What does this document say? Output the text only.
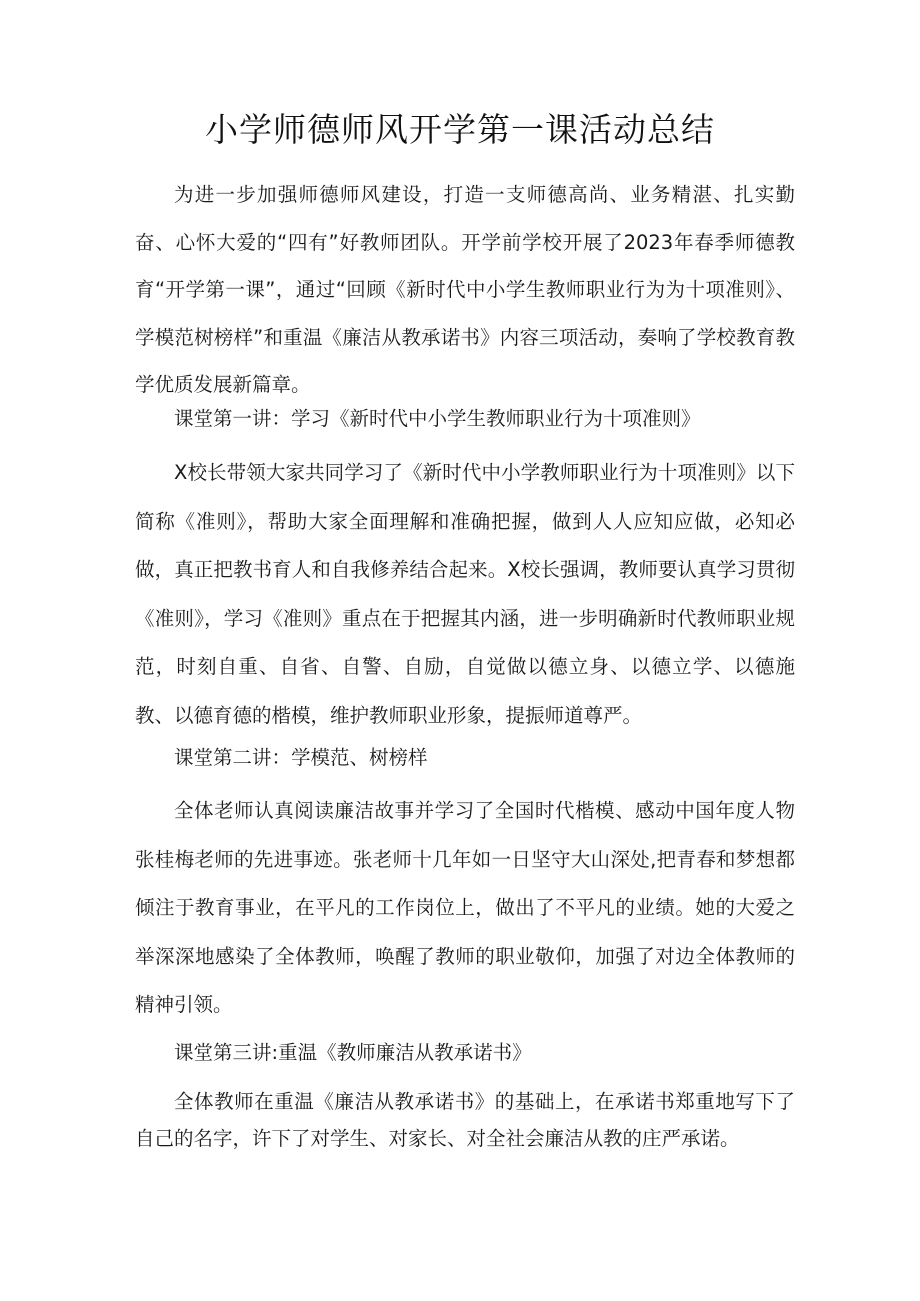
小学师德师风开学第一课活动总结

为进一步加强师德师风建设，打造一支师德高尚、业务精湛、扎实勤奋、心怀大爱的“四有”好教师团队。开学前学校开展了2023年春季师德教育“开学第一课”，通过“回顾《新时代中小学生教师职业行为为十项准则》、学模范树榜样”和重温《廉洁从教承诺书》内容三项活动，奏响了学校教育教学优质发展新篇章。

课堂第一讲：学习《新时代中小学生教师职业行为十项准则》

X校长带领大家共同学习了《新时代中小学教师职业行为十项准则》以下简称《准则》，帮助大家全面理解和准确把握，做到人人应知应做，必知必做，真正把教书育人和自我修养结合起来。X校长强调，教师要认真学习贯彻《准则》，学习《准则》重点在于把握其内涵，进一步明确新时代教师职业规范，时刻自重、自省、自警、自励，自觉做以德立身、以德立学、以德施教、以德育德的楷模，维护教师职业形象，提振师道尊严。

课堂第二讲：学模范、树榜样

全体老师认真阅读廉洁故事并学习了全国时代楷模、感动中国年度人物张桂梅老师的先进事迹。张老师十几年如一日坚守大山深处,把青春和梦想都倾注于教育事业，在平凡的工作岗位上，做出了不平凡的业绩。她的大爱之举深深地感染了全体教师，唤醒了教师的职业敬仰，加强了对边全体教师的精神引领。

课堂第三讲:重温《教师廉洁从教承诺书》

全体教师在重温《廉洁从教承诺书》的基础上，在承诺书郑重地写下了自己的名字，许下了对学生、对家长、对全社会廉洁从教的庄严承诺。
